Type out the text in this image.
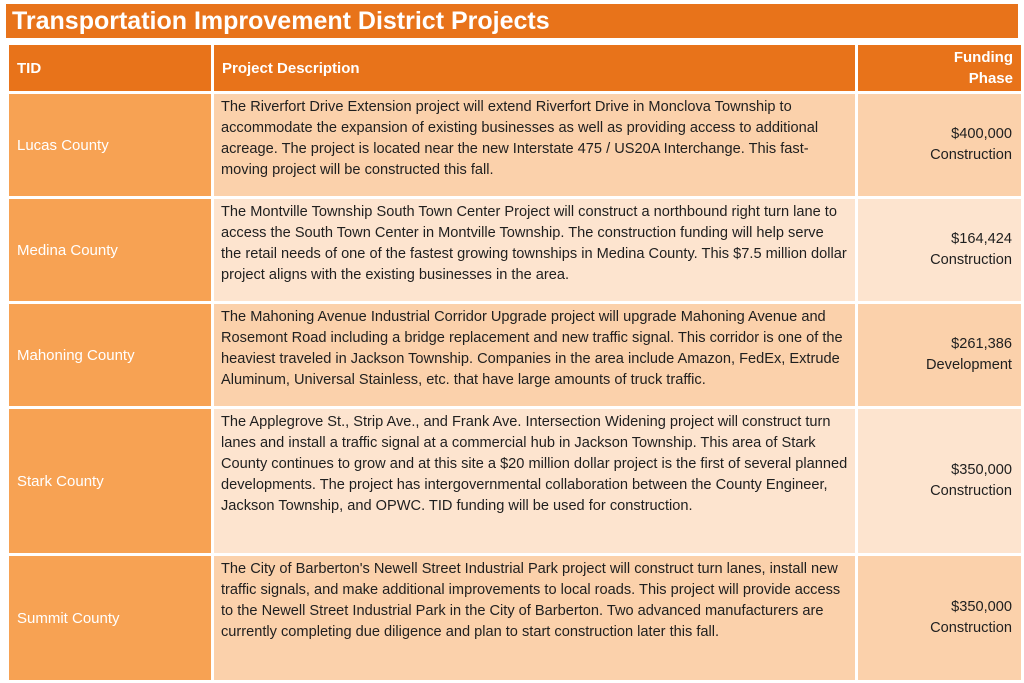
Transportation Improvement District Projects
TID	Project Description	Funding
Phase

Lucas County	The Riverfort Drive Extension project will extend Riverfort Drive in Monclova Township to accommodate the expansion of existing businesses as well as providing access to additional acreage. The project is located near the new Interstate 475 / US20A Interchange. This fast-moving project will be constructed this fall.	$400,000
Construction

Medina County	The Montville Township South Town Center Project will construct a northbound right turn lane to access the South Town Center in Montville Township. The construction funding will help serve the retail needs of one of the fastest growing townships in Medina County. This $7.5 million dollar project aligns with the existing businesses in the area.	$164,424
Construction

Mahoning County	The Mahoning Avenue Industrial Corridor Upgrade project will upgrade Mahoning Avenue and Rosemont Road including a bridge replacement and new traffic signal. This corridor is one of the heaviest traveled in Jackson Township. Companies in the area include Amazon, FedEx, Extrude Aluminum, Universal Stainless, etc. that have large amounts of truck traffic.	$261,386
Development

Stark County	The Applegrove St., Strip Ave., and Frank Ave. Intersection Widening project will construct turn lanes and install a traffic signal at a commercial hub in Jackson Township. This area of Stark County continues to grow and at this site a $20 million dollar project is the first of several planned developments. The project has intergovernmental collaboration between the County Engineer, Jackson Township, and OPWC. TID funding will be used for construction.	$350,000
Construction

Summit County	The City of Barberton's Newell Street Industrial Park project will construct turn lanes, install new traffic signals, and make additional improvements to local roads. This project will provide access to the Newell Street Industrial Park in the City of Barberton. Two advanced manufacturers are currently completing due diligence and plan to start construction later this fall.	$350,000
Construction
